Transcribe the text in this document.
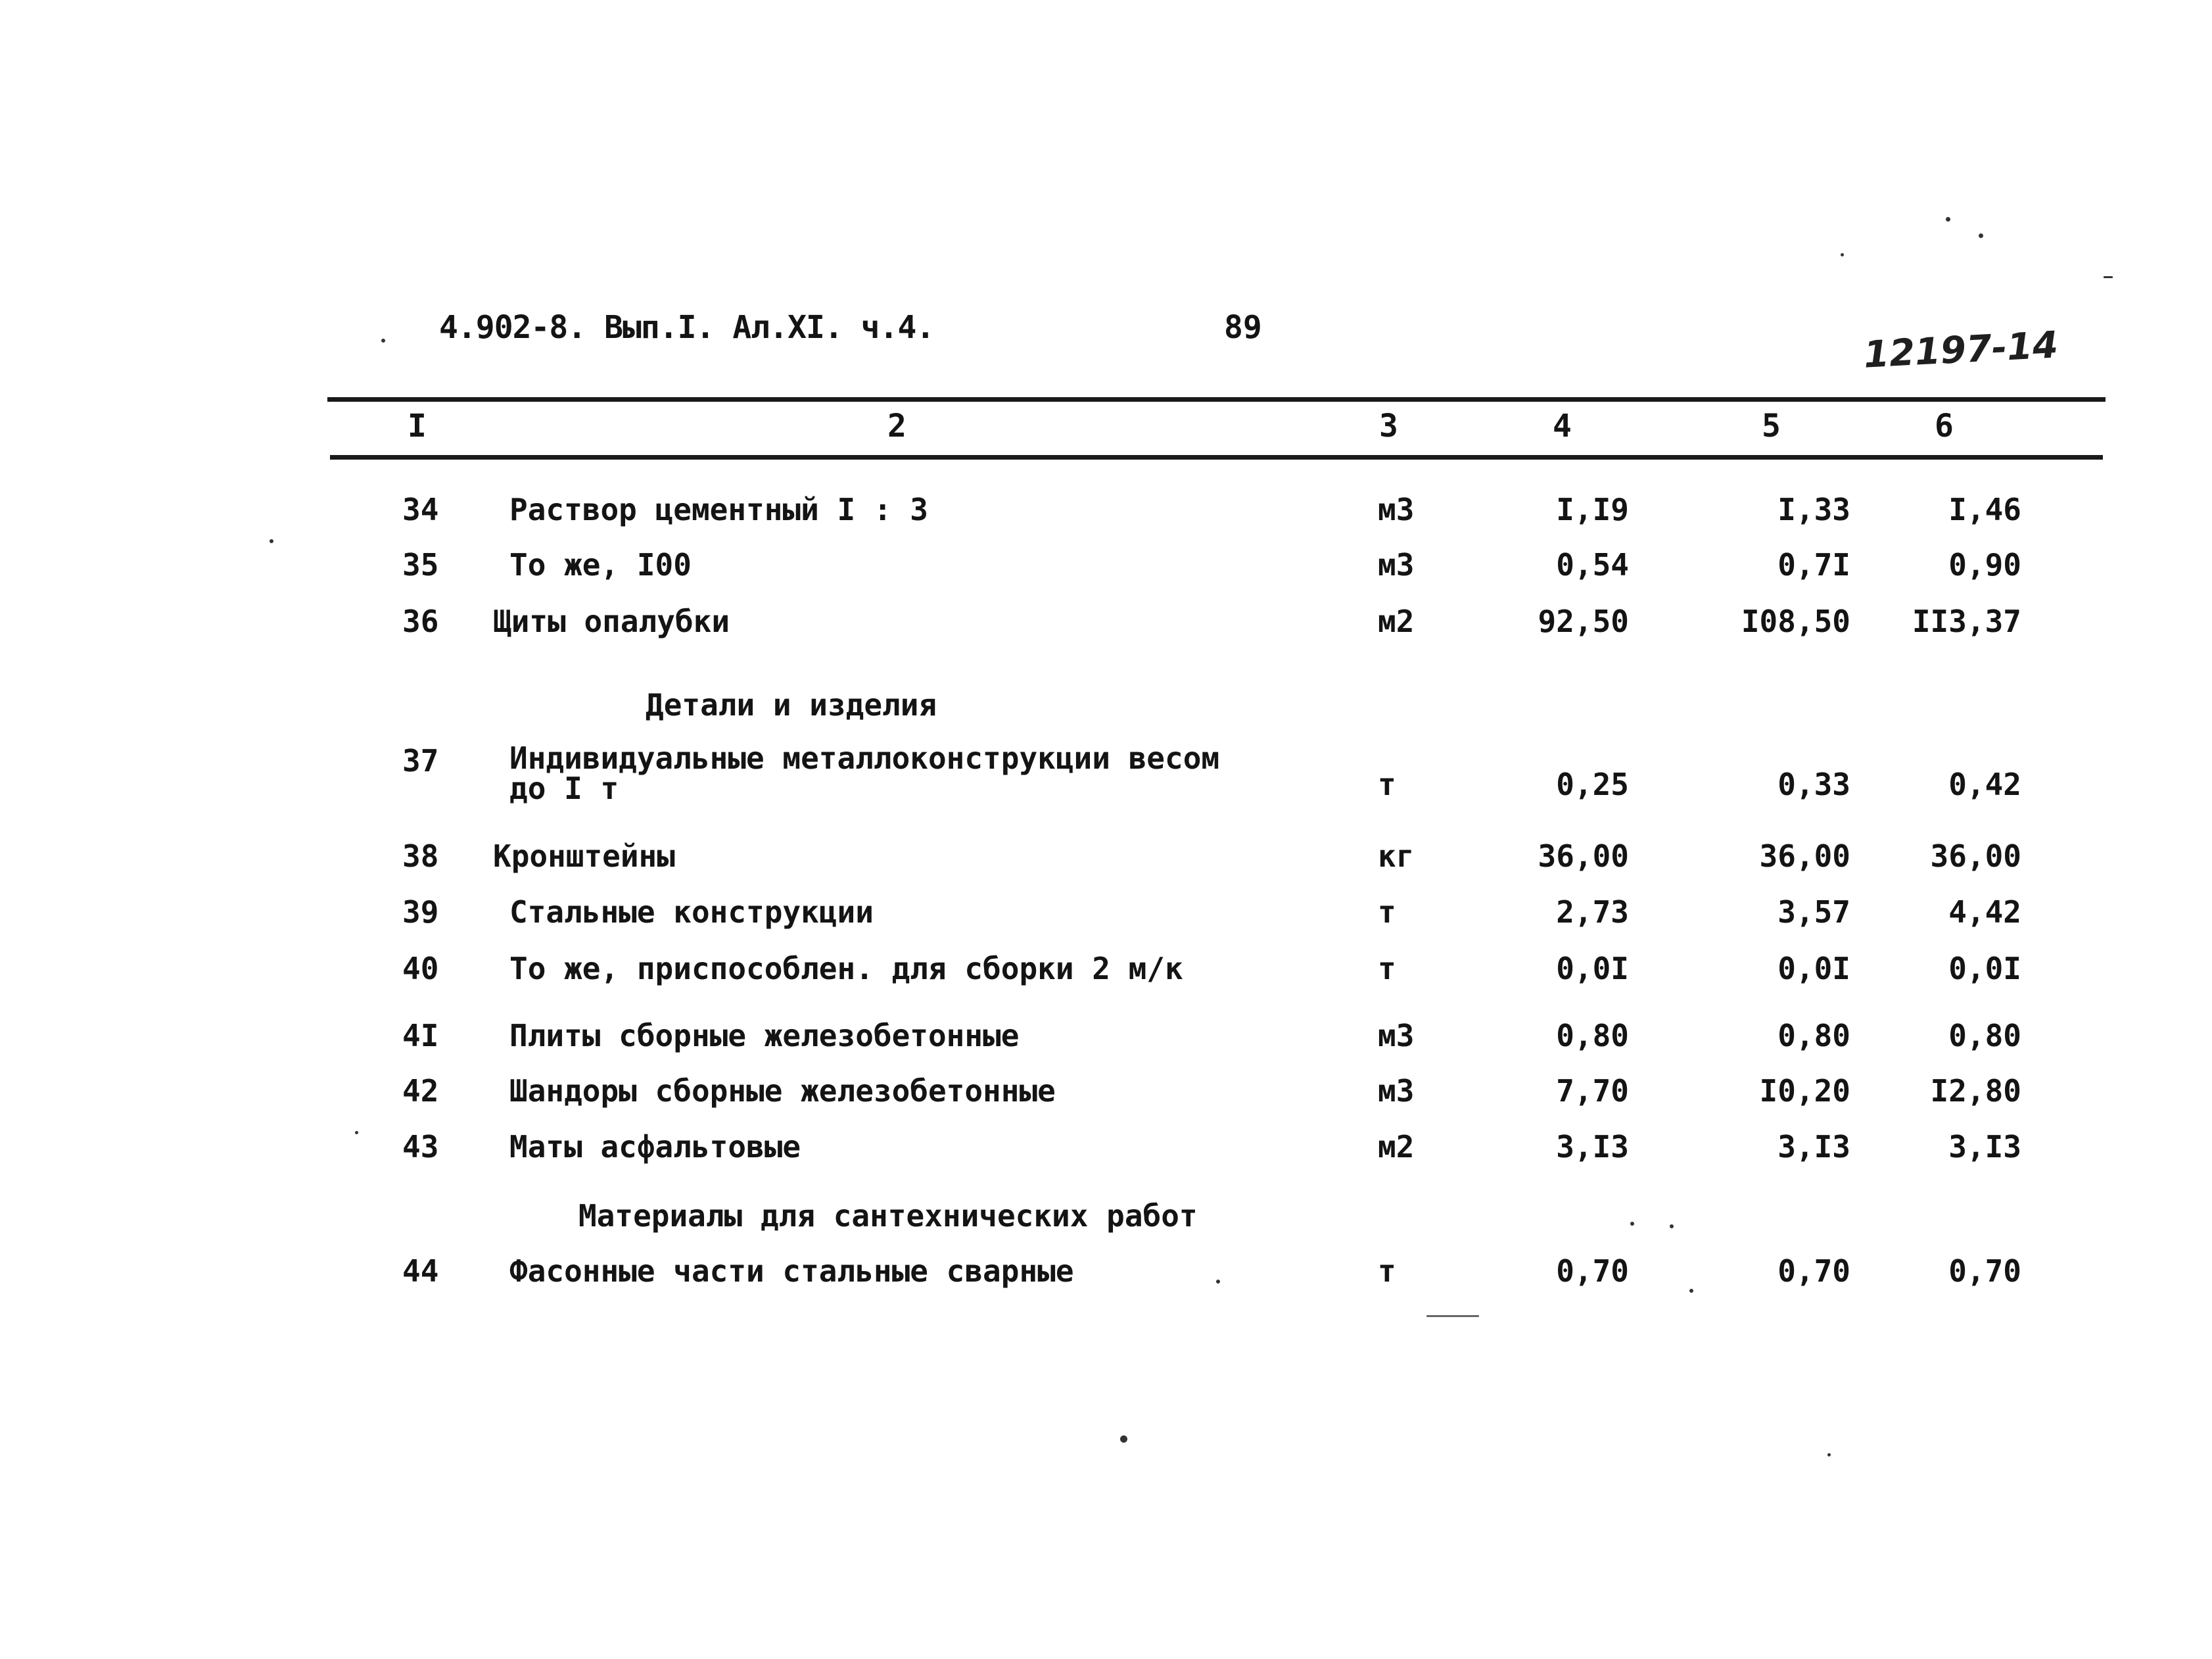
4.902-8. Вып.I. Ал.XI. ч.4.	89	12197-14
I	2	3	4	5	6
34 Раствор цементный I : 3	м3	I,I9	I,33	I,46
35 То же, I00	м3	0,54	0,7I	0,90
36 Щиты опалубки	м2	92,50	I08,50	II3,37
Детали и изделия
37 Индивидуальные металлоконструкции весом до I т	т	0,25	0,33	0,42
38 Кронштейны	кг	36,00	36,00	36,00
39 Стальные конструкции	т	2,73	3,57	4,42
40 То же, приспособлен. для сборки 2 м/к	т	0,0I	0,0I	0,0I
4I Плиты сборные железобетонные	м3	0,80	0,80	0,80
42 Шандоры сборные железобетонные	м3	7,70	I0,20	I2,80
43 Маты асфальтовые	м2	3,I3	3,I3	3,I3
Материалы для сантехнических работ
44 Фасонные части стальные сварные	т	0,70	0,70	0,70
